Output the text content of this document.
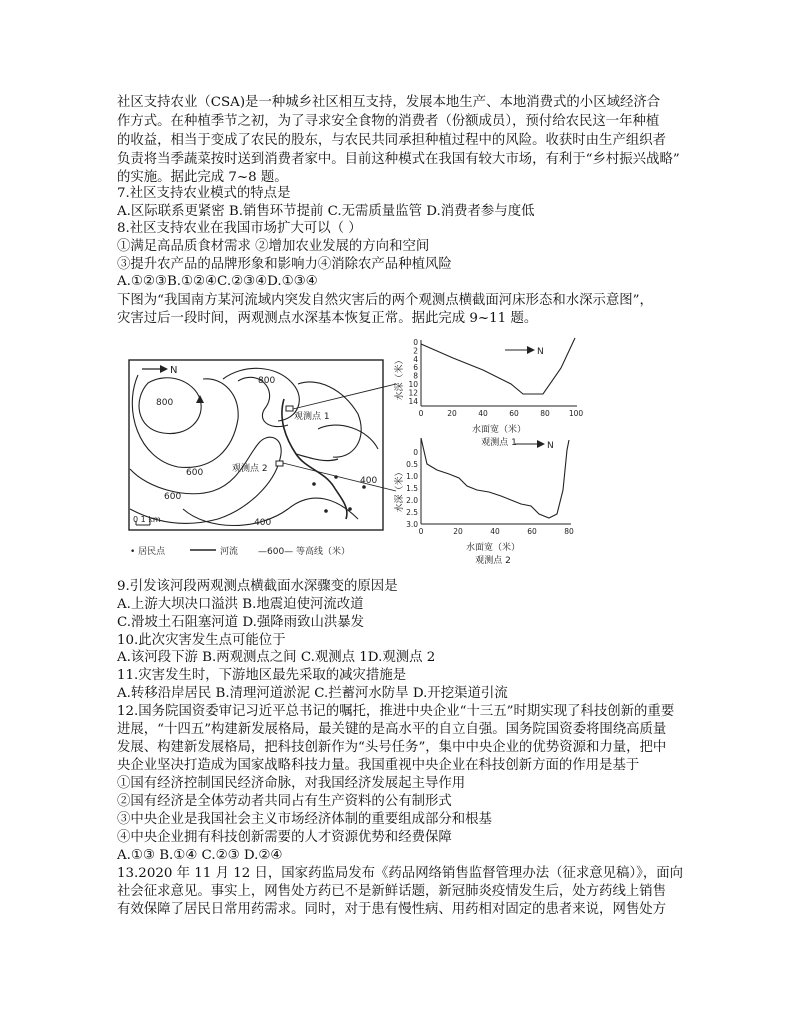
社区支持农业（CSA)是一种城乡社区相互支持，发展本地生产、本地消费式的小区域经济合
作方式。在种植季节之初，为了寻求安全食物的消费者（份额成员），预付给农民这一年种植
的收益，相当于变成了农民的股东，与农民共同承担种植过程中的风险。收获时由生产组织者
负责将当季蔬菜按时送到消费者家中。目前这种模式在我国有较大市场，有利于“乡村振兴战略”
的实施。据此完成 7~8 题。
7.社区支持农业模式的特点是
A.区际联系更紧密 B.销售环节提前 C.无需质量监管 D.消费者参与度低
8.社区支持农业在我国市场扩大可以（ ）
①满足高品质食材需求 ②增加农业发展的方向和空间
③提升农产品的品牌形象和影响力④消除农产品种植风险
A.①②③B.①②④C.②③④D.①③④
下图为“我国南方某河流域内突发自然灾害后的两个观测点横截面河床形态和水深示意图”，
灾害过后一段时间，两观测点水深基本恢复正常。据此完成 9~11 题。
N
800
800
600
600
400
400
观测点 1
观测点 2
0 1 km
• 居民点	河流 —600— 等高线（米）
水深（米）
0
2
4
6
8
10
12
14
0	20	40	60	80	100
N
水面宽（米）
观测点 1
水深（米）
0
0.5
1.0
1.5
2.0
2.5
3.0
0	20	40	60	80
N
水面宽（米）
观测点 2
9.引发该河段两观测点横截面水深骤变的原因是
A.上游大坝决口溢洪 B.地震迫使河流改道
C.滑坡土石阻塞河道 D.强降雨致山洪暴发
10.此次灾害发生点可能位于
A.该河段下游 B.两观测点之间 C.观测点 1D.观测点 2
11.灾害发生时，下游地区最先采取的减灾措施是
A.转移沿岸居民 B.清理河道淤泥 C.拦蓄河水防旱 D.开挖渠道引流
12.国务院国资委审记习近平总书记的嘱托，推进中央企业“十三五”时期实现了科技创新的重要
进展，“十四五”构建新发展格局，最关键的是高水平的自立自强。国务院国资委将围绕高质量
发展、构建新发展格局，把科技创新作为“头号任务”，集中中央企业的优势资源和力量，把中
央企业坚决打造成为国家战略科技力量。我国重视中央企业在科技创新方面的作用是基于
①国有经济控制国民经济命脉，对我国经济发展起主导作用
②国有经济是全体劳动者共同占有生产资料的公有制形式
③中央企业是我国社会主义市场经济体制的重要组成部分和根基
④中央企业拥有科技创新需要的人才资源优势和经费保障
A.①③ B.①④ C.②③ D.②④
13.2020 年 11 月 12 日，国家药监局发布《药品网络销售监督管理办法（征求意见稿）》，面向
社会征求意见。事实上，网售处方药已不是新鲜话题，新冠肺炎疫情发生后，处方药线上销售
有效保障了居民日常用药需求。同时，对于患有慢性病、用药相对固定的患者来说，网售处方
